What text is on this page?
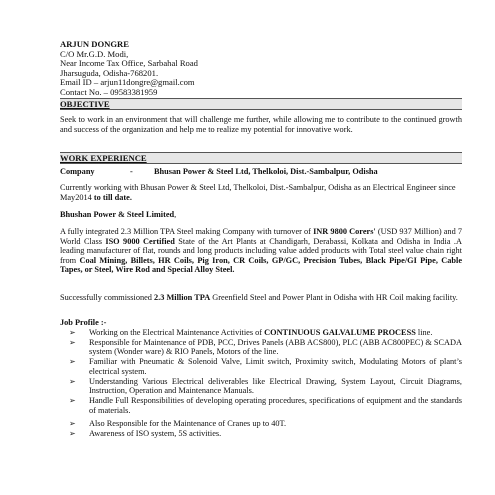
ARJUN DONGRE
C/O Mr.G.D. Modi,
Near Income Tax Office, Sarbahal Road
Jharsuguda, Odisha-768201.
Email ID – arjun11dongre@gmail.com
Contact No. – 09583381959
OBJECTIVE
Seek to work in an environment that will challenge me further, while allowing me to contribute to the continued growth and success of the organization and help me to realize my potential for innovative work.
WORK EXPERIENCE
Company	-	Bhusan Power & Steel Ltd, Thelkoloi, Dist.-Sambalpur, Odisha
Currently working with Bhusan Power & Steel Ltd, Thelkoloi, Dist.-Sambalpur, Odisha as an Electrical Engineer since May2014 to till date.
Bhushan Power & Steel Limited,
A fully integrated 2.3 Million TPA Steel making Company with turnover of INR 9800 Corers' (USD 937 Million) and 7 World Class ISO 9000 Certified State of the Art Plants at Chandigarh, Derabassi, Kolkata and Odisha in India .A leading manufacturer of flat, rounds and long products including value added products with Total steel value chain right from Coal Mining, Billets, HR Coils, Pig Iron, CR Coils, GP/GC, Precision Tubes, Black Pipe/GI Pipe, Cable Tapes, or Steel, Wire Rod and Special Alloy Steel.
Successfully commissioned 2.3 Million TPA Greenfield Steel and Power Plant in Odisha with HR Coil making facility.
Job Profile :-
➢ Working on the Electrical Maintenance Activities of CONTINUOUS GALVALUME PROCESS line.
➢ Responsible for Maintenance of PDB, PCC, Drives Panels (ABB ACS800), PLC (ABB AC800PEC) & SCADA system (Wonder ware) & RIO Panels, Motors of the line.
➢ Familiar with Pneumatic & Solenoid Valve, Limit switch, Proximity switch, Modulating Motors of plant’s electrical system.
➢ Understanding Various Electrical deliverables like Electrical Drawing, System Layout, Circuit Diagrams, Instruction, Operation and Maintenance Manuals.
➢ Handle Full Responsibilities of developing operating procedures, specifications of equipment and the standards of materials.
➢ Also Responsible for the Maintenance of Cranes up to 40T.
➢ Awareness of ISO system, 5S activities.
